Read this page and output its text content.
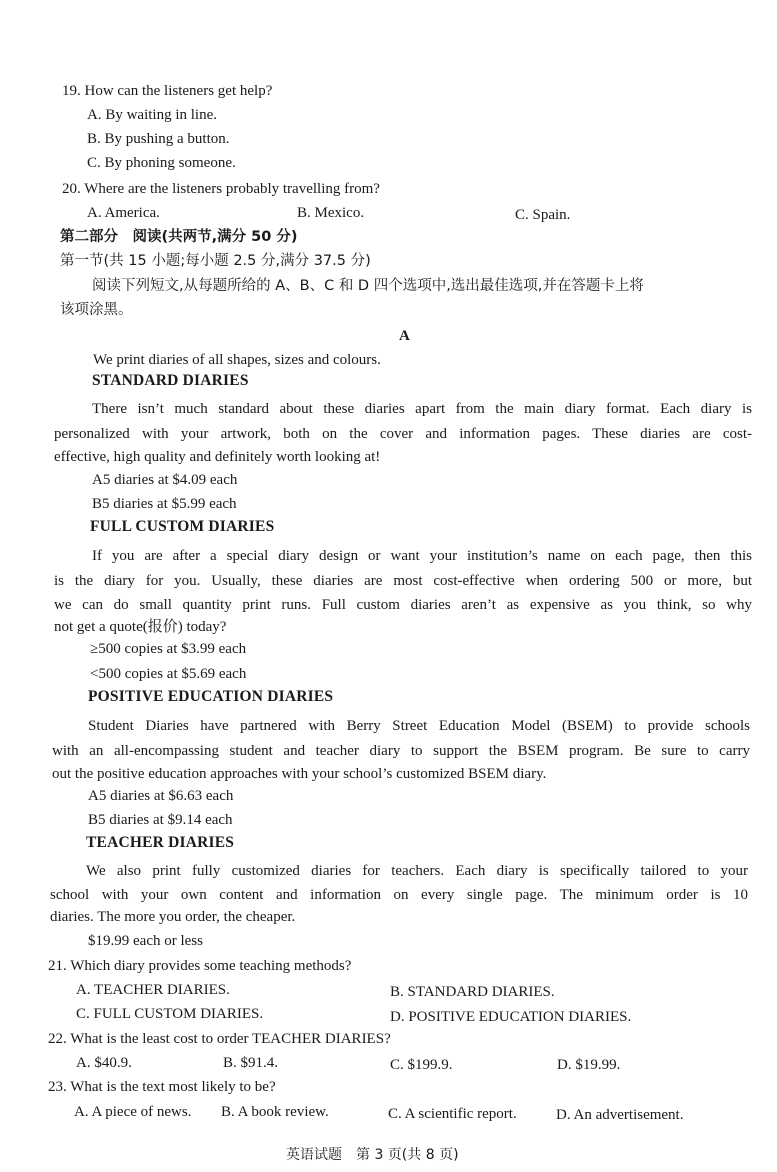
19. How can the listeners get help?
A. By waiting in line.
B. By pushing a button.
C. By phoning someone.
20. Where are the listeners probably travelling from?
A. America.	B. Mexico.	C. Spain.
第二部分　阅读(共两节,满分 50 分)
第一节(共 15 小题;每小题 2.5 分,满分 37.5 分)
阅读下列短文,从每题所给的 A、B、C 和 D 四个选项中,选出最佳选项,并在答题卡上将
该项涂黑。
A
We print diaries of all shapes, sizes and colours.
STANDARD DIARIES
There isn’t much standard about these diaries apart from the main diary format. Each diary is
personalized with your artwork, both on the cover and information pages. These diaries are cost-
effective, high quality and definitely worth looking at!
A5 diaries at $4.09 each
B5 diaries at $5.99 each
FULL CUSTOM DIARIES
If you are after a special diary design or want your institution’s name on each page, then this
is the diary for you. Usually, these diaries are most cost-effective when ordering 500 or more, but
we can do small quantity print runs. Full custom diaries aren’t as expensive as you think, so why
not get a quote(报价) today?
≥500 copies at $3.99 each
<500 copies at $5.69 each
POSITIVE EDUCATION DIARIES
Student Diaries have partnered with Berry Street Education Model (BSEM) to provide schools
with an all-encompassing student and teacher diary to support the BSEM program. Be sure to carry
out the positive education approaches with your school’s customized BSEM diary.
A5 diaries at $6.63 each
B5 diaries at $9.14 each
TEACHER DIARIES
We also print fully customized diaries for teachers. Each diary is specifically tailored to your
school with your own content and information on every single page. The minimum order is 10
diaries. The more you order, the cheaper.
$19.99 each or less
21. Which diary provides some teaching methods?
A. TEACHER DIARIES.	B. STANDARD DIARIES.
C. FULL CUSTOM DIARIES.	D. POSITIVE EDUCATION DIARIES.
22. What is the least cost to order TEACHER DIARIES?
A. $40.9.	B. $91.4.	C. $199.9.	D. $19.99.
23. What is the text most likely to be?
A. A piece of news. B. A book review.	C. A scientific report.	D. An advertisement.
英语试题　第 3 页(共 8 页)
